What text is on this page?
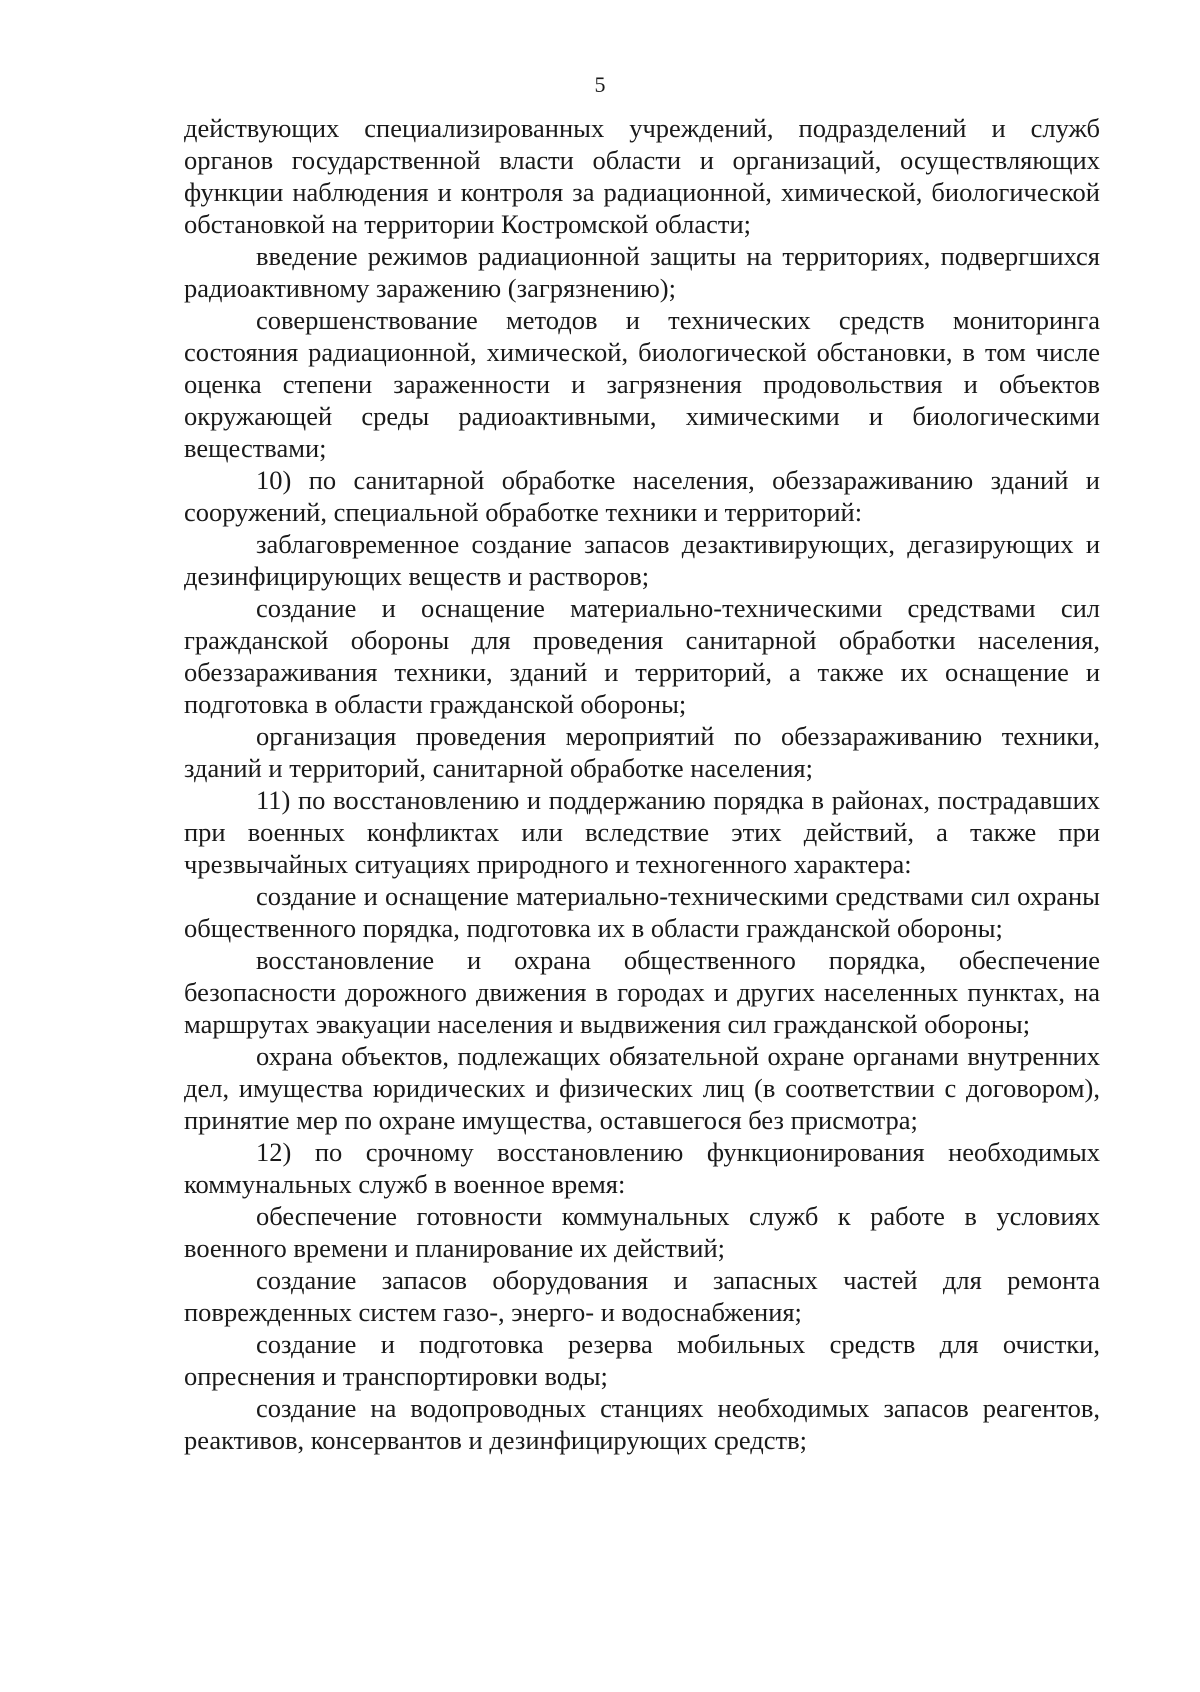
5

действующих специализированных учреждений, подразделений и служб органов государственной власти области и организаций, осуществляющих функции наблюдения и контроля за радиационной, химической, биологической обстановкой на территории Костромской области;

введение режимов радиационной защиты на территориях, подвергшихся радиоактивному заражению (загрязнению);

совершенствование методов и технических средств мониторинга состояния радиационной, химической, биологической обстановки, в том числе оценка степени зараженности и загрязнения продовольствия и объектов окружающей среды радиоактивными, химическими и биологическими веществами;

10) по санитарной обработке населения, обеззараживанию зданий и сооружений, специальной обработке техники и территорий:

заблаговременное создание запасов дезактивирующих, дегазирующих и дезинфицирующих веществ и растворов;

создание и оснащение материально-техническими средствами сил гражданской обороны для проведения санитарной обработки населения, обеззараживания техники, зданий и территорий, а также их оснащение и подготовка в области гражданской обороны;

организация проведения мероприятий по обеззараживанию техники, зданий и территорий, санитарной обработке населения;

11) по восстановлению и поддержанию порядка в районах, пострадавших при военных конфликтах или вследствие этих действий, а также при чрезвычайных ситуациях природного и техногенного характера:

создание и оснащение материально-техническими средствами сил охраны общественного порядка, подготовка их в области гражданской обороны;

восстановление и охрана общественного порядка, обеспечение безопасности дорожного движения в городах и других населенных пунктах, на маршрутах эвакуации населения и выдвижения сил гражданской обороны;

охрана объектов, подлежащих обязательной охране органами внутренних дел, имущества юридических и физических лиц (в соответствии с договором), принятие мер по охране имущества, оставшегося без присмотра;

12) по срочному восстановлению функционирования необходимых коммунальных служб в военное время:

обеспечение готовности коммунальных служб к работе в условиях военного времени и планирование их действий;

создание запасов оборудования и запасных частей для ремонта поврежденных систем газо-, энерго- и водоснабжения;

создание и подготовка резерва мобильных средств для очистки, опреснения и транспортировки воды;

создание на водопроводных станциях необходимых запасов реагентов, реактивов, консервантов и дезинфицирующих средств;
